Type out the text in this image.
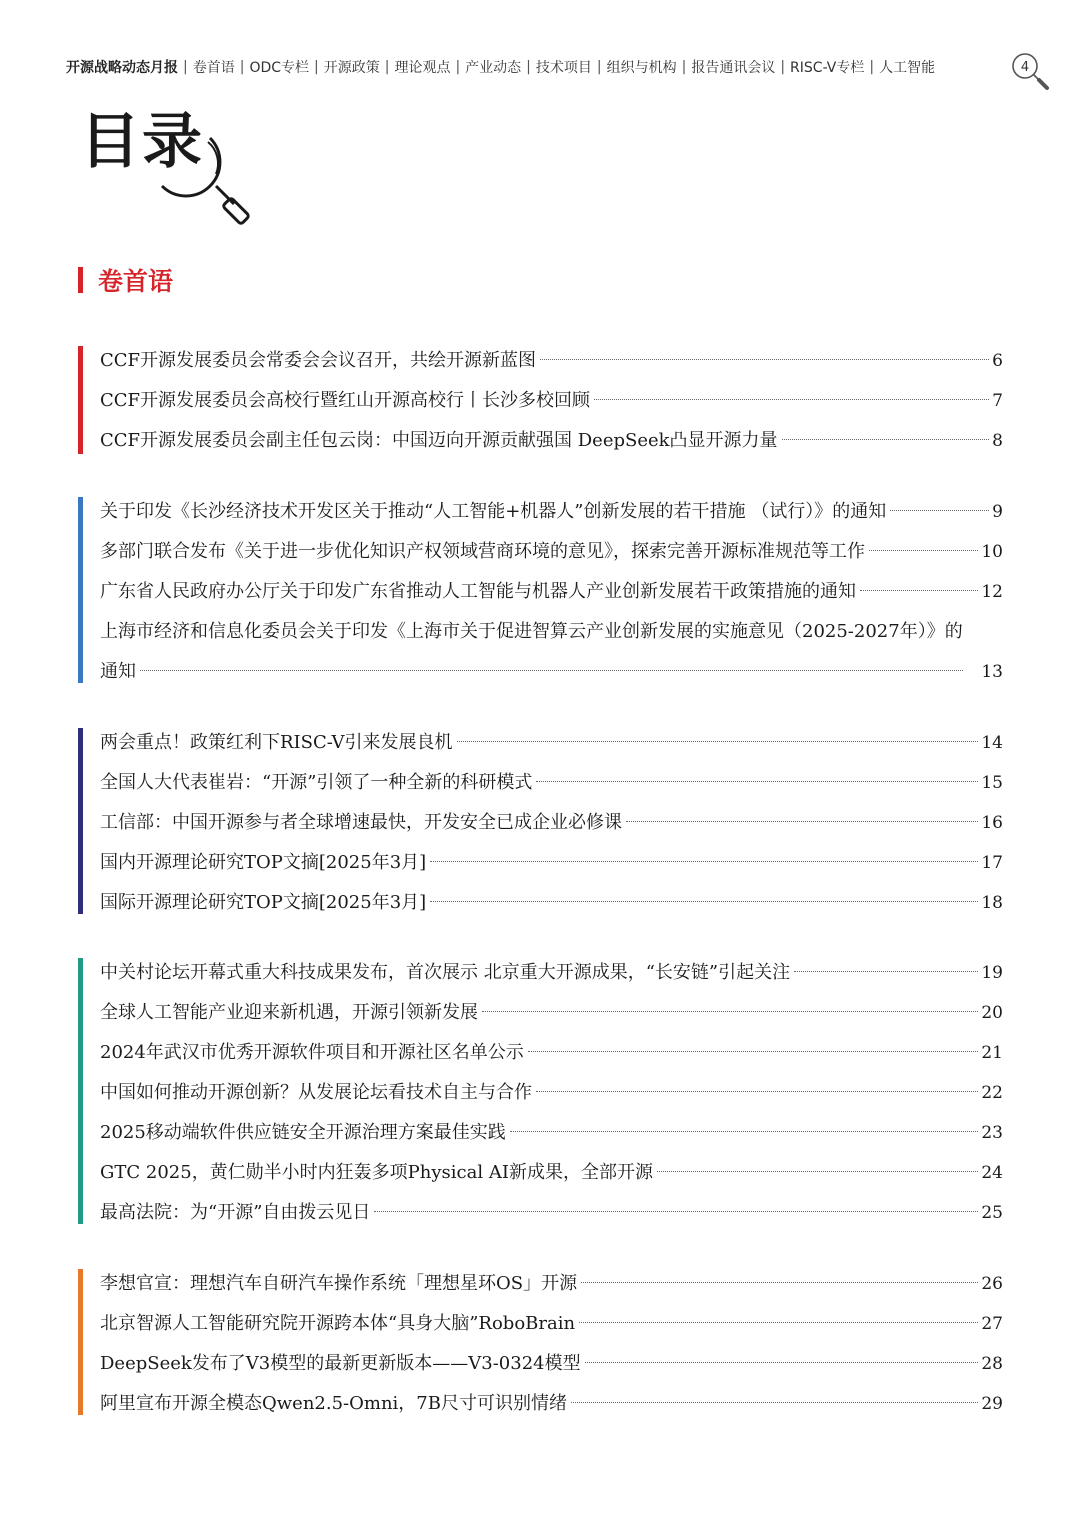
开源战略动态月报 | 卷首语 | ODC专栏 | 开源政策 | 理论观点 | 产业动态 | 技术项目 | 组织与机构 | 报告通讯会议 | RISC-V专栏 | 人工智能	4
目录
卷首语
CCF开源发展委员会常委会会议召开，共绘开源新蓝图	6
CCF开源发展委员会高校行暨红山开源高校行丨长沙多校回顾	7
CCF开源发展委员会副主任包云岗：中国迈向开源贡献强国 DeepSeek凸显开源力量	8
关于印发《长沙经济技术开发区关于推动“人工智能+机器人”创新发展的若干措施 （试行）》的通知	9
多部门联合发布《关于进一步优化知识产权领域营商环境的意见》，探索完善开源标准规范等工作	10
广东省人民政府办公厅关于印发广东省推动人工智能与机器人产业创新发展若干政策措施的通知	12
上海市经济和信息化委员会关于印发《上海市关于促进智算云产业创新发展的实施意见（2025-2027年）》的
通知	13
两会重点！政策红利下RISC-V引来发展良机	14
全国人大代表崔岩：“开源”引领了一种全新的科研模式	15
工信部：中国开源参与者全球增速最快，开发安全已成企业必修课	16
国内开源理论研究TOP文摘[2025年3月]	17
国际开源理论研究TOP文摘[2025年3月]	18
中关村论坛开幕式重大科技成果发布，首次展示 北京重大开源成果，“长安链”引起关注	19
全球人工智能产业迎来新机遇，开源引领新发展	20
2024年武汉市优秀开源软件项目和开源社区名单公示	21
中国如何推动开源创新？从发展论坛看技术自主与合作	22
2025移动端软件供应链安全开源治理方案最佳实践	23
GTC 2025，黄仁勋半小时内狂轰多项Physical AI新成果，全部开源	24
最高法院：为“开源”自由拨云见日	25
李想官宣：理想汽车自研汽车操作系统「理想星环OS」开源	26
北京智源人工智能研究院开源跨本体“具身大脑”RoboBrain	27
DeepSeek发布了V3模型的最新更新版本——V3-0324模型	28
阿里宣布开源全模态Qwen2.5-Omni，7B尺寸可识别情绪	29
